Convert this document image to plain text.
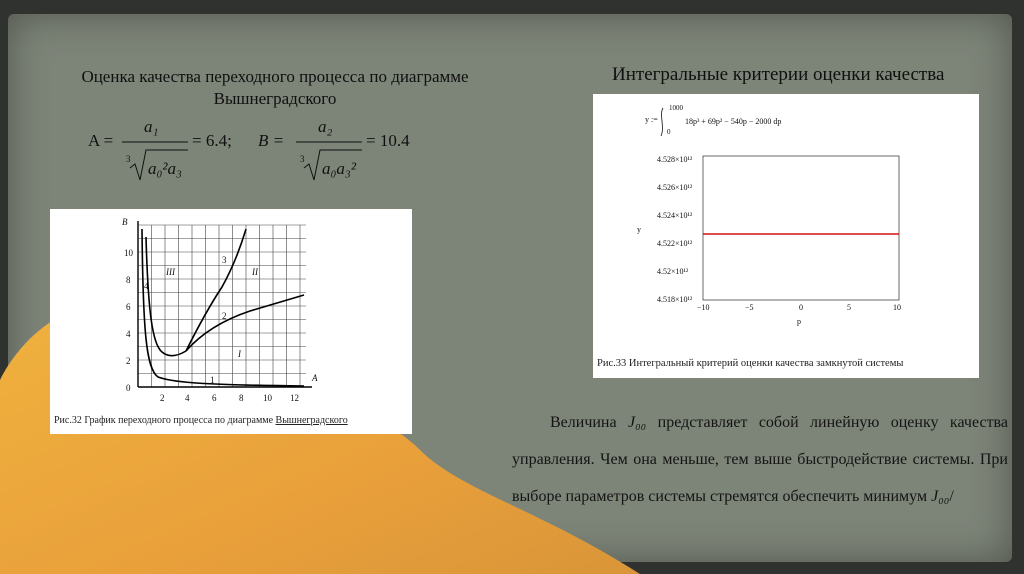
Оценка качества переходного процесса по диаграмме
Вышнеградского
A =
a₁
3 a₀²a₃
= 6.4; B =
a₂
3 a₀a₃²
= 10.4
B
A
10
8
6
4
2
0
2 4	6	8 10 12
III	II
I
1
2
3
4
Рис.32 График переходного процесса по диаграмме Вышнеградского
Интегральные критерии оценки качества
y :=
1000
0
18p³ + 69p² − 540p − 2000 dp
4.528×10¹²
4.526×10¹²
4.524×10¹²
4.522×10¹²
4.52×10¹²
4.518×10¹²
y
−10	−5	0	5	10
p
Рис.33 Интегральный критерий оценки качества замкнутой системы
Величина J₀₀ представляет собой линейную оценку качества управления. Чем она меньше, тем выше быстродействие системы. При выборе параметров системы стремятся обеспечить минимум J₀₀/
